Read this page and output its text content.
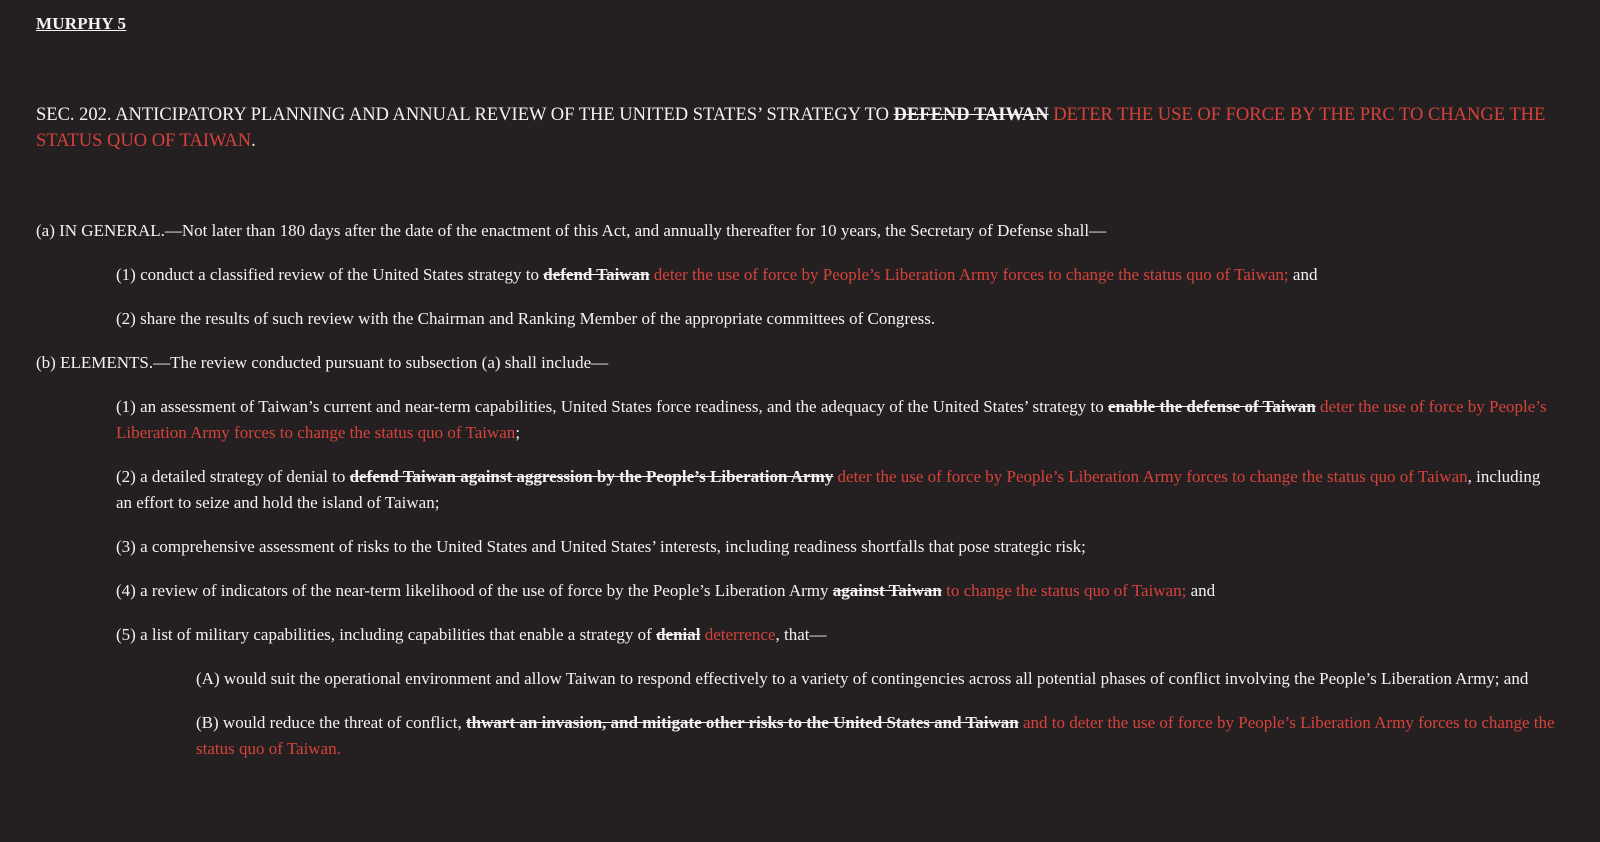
MURPHY 5
SEC. 202. ANTICIPATORY PLANNING AND ANNUAL REVIEW OF THE UNITED STATES’ STRATEGY TO DEFEND TAIWAN DETER THE USE OF FORCE BY THE PRC TO CHANGE THE STATUS QUO OF TAIWAN.
(a) IN GENERAL.—Not later than 180 days after the date of the enactment of this Act, and annually thereafter for 10 years, the Secretary of Defense shall—
(1) conduct a classified review of the United States strategy to defend Taiwan deter the use of force by People’s Liberation Army forces to change the status quo of Taiwan; and
(2) share the results of such review with the Chairman and Ranking Member of the appropriate committees of Congress.
(b) ELEMENTS.—The review conducted pursuant to subsection (a) shall include—
(1) an assessment of Taiwan’s current and near-term capabilities, United States force readiness, and the adequacy of the United States’ strategy to enable the defense of Taiwan deter the use of force by People’s Liberation Army forces to change the status quo of Taiwan;
(2) a detailed strategy of denial to defend Taiwan against aggression by the People’s Liberation Army deter the use of force by People’s Liberation Army forces to change the status quo of Taiwan, including an effort to seize and hold the island of Taiwan;
(3) a comprehensive assessment of risks to the United States and United States’ interests, including readiness shortfalls that pose strategic risk;
(4) a review of indicators of the near-term likelihood of the use of force by the People’s Liberation Army against Taiwan to change the status quo of Taiwan; and
(5) a list of military capabilities, including capabilities that enable a strategy of denial deterrence, that—
(A) would suit the operational environment and allow Taiwan to respond effectively to a variety of contingencies across all potential phases of conflict involving the People’s Liberation Army; and
(B) would reduce the threat of conflict, thwart an invasion, and mitigate other risks to the United States and Taiwan and to deter the use of force by People’s Liberation Army forces to change the status quo of Taiwan.
